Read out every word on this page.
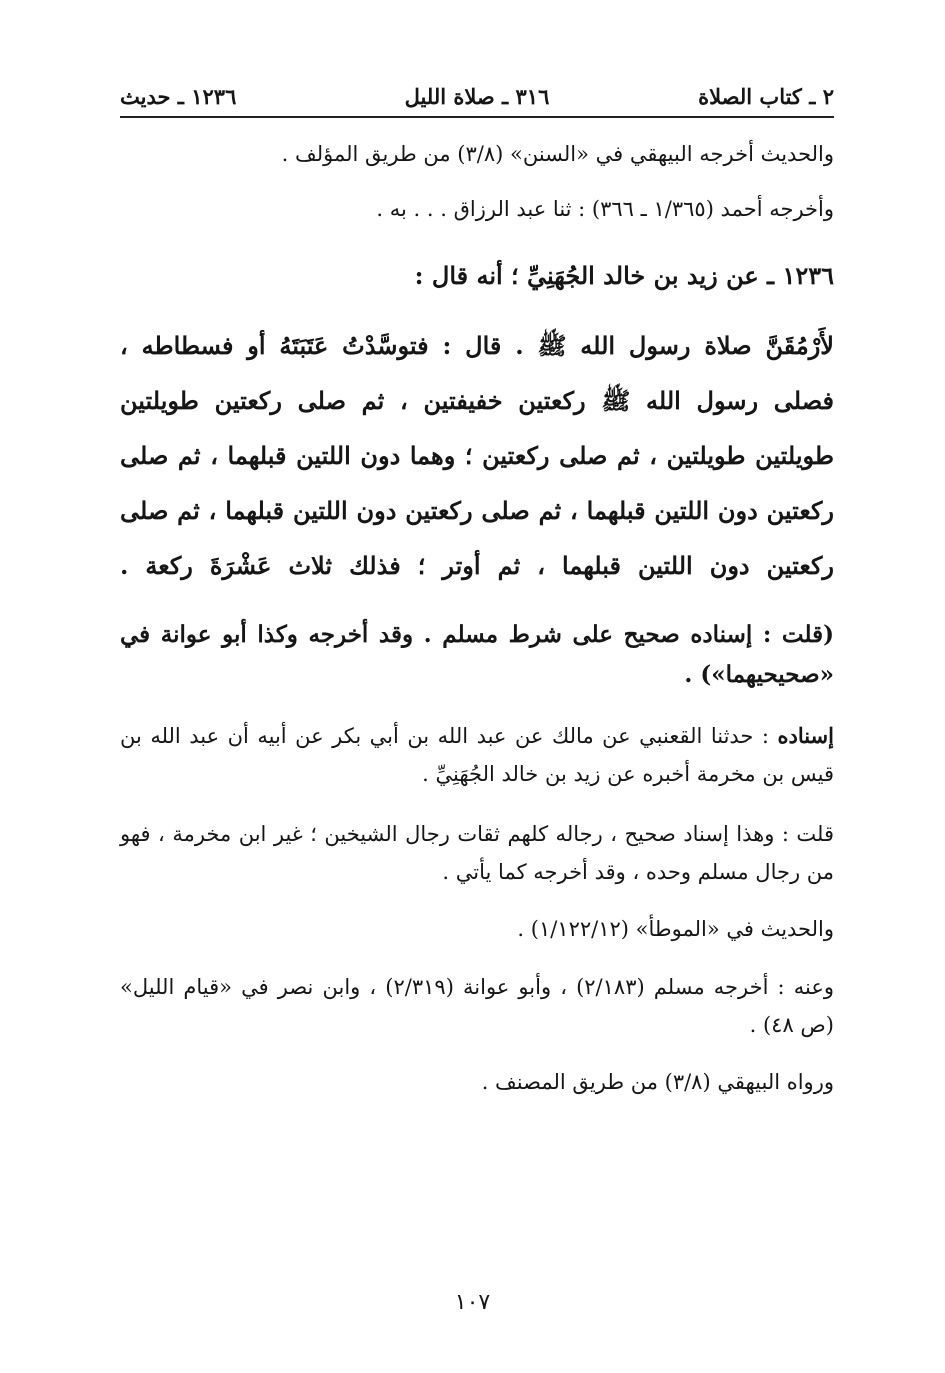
٢ ـ كتاب الصلاة
٣١٦ ـ صلاة الليل
١٢٣٦ ـ حديث

والحديث أخرجه البيهقي في «السنن» (٣/٨) من طريق المؤلف .

وأخرجه أحمد (١/٣٦٥ ـ ٣٦٦) : ثنا عبد الرزاق . . . به .

١٢٣٦ ـ عن زيد بن خالد الجُهَنِيِّ ؛ أنه قال :

لأَرْمُقَنَّ صلاة رسول الله ﷺ . قال : فتوسَّدْتُ عَتَبَتَهُ أو فسطاطه ، فصلى رسول الله ﷺ ركعتين خفيفتين ، ثم صلى ركعتين طويلتين طويلتين طويلتين ، ثم صلى ركعتين ؛ وهما دون اللتين قبلهما ، ثم صلى ركعتين دون اللتين قبلهما ، ثم صلى ركعتين دون اللتين قبلهما ، ثم صلى ركعتين دون اللتين قبلهما ، ثم أوتر ؛ فذلك ثلاث عَشْرَةَ ركعة .

(قلت : إسناده صحيح على شرط مسلم . وقد أخرجه وكذا أبو عوانة في «صحيحيهما») .

إسناده : حدثنا القعنبي عن مالك عن عبد الله بن أبي بكر عن أبيه أن عبد الله بن قيس بن مخرمة أخبره عن زيد بن خالد الجُهَنِيِّ .

قلت : وهذا إسناد صحيح ، رجاله كلهم ثقات رجال الشيخين ؛ غير ابن مخرمة ، فهو من رجال مسلم وحده ، وقد أخرجه كما يأتي .

والحديث في «الموطأ» (١/١٢٢/١٢) .

وعنه : أخرجه مسلم (٢/١٨٣) ، وأبو عوانة (٢/٣١٩) ، وابن نصر في «قيام الليل» (ص ٤٨) .

ورواه البيهقي (٣/٨) من طريق المصنف .

١٠٧
